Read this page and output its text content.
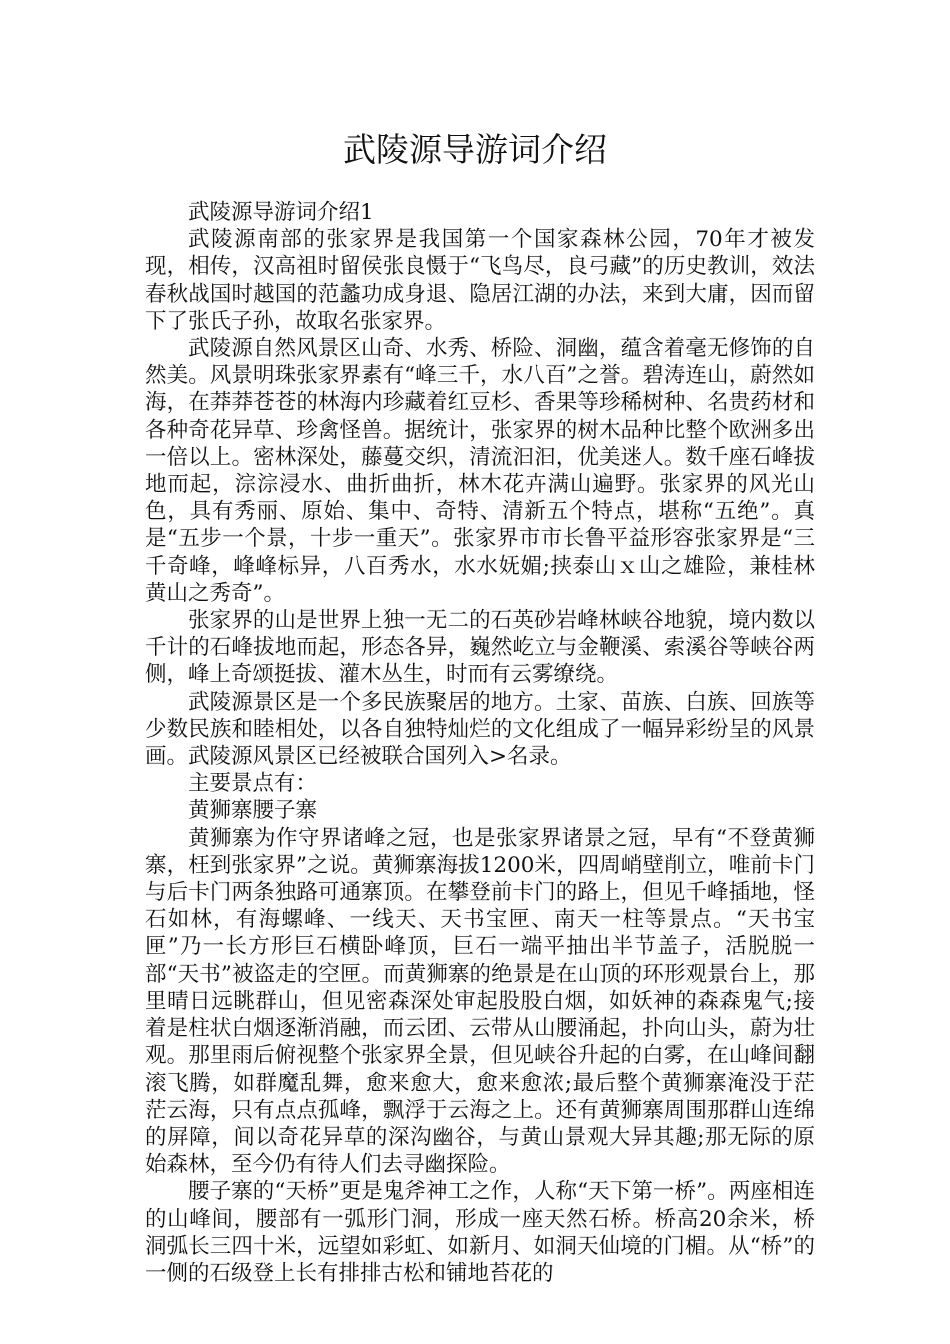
武陵源导游词介绍

武陵源导游词介绍1

武陵源南部的张家界是我国第一个国家森林公园，70年才被发现，相传，汉高祖时留侯张良慑于“飞鸟尽，良弓藏”的历史教训，效法春秋战国时越国的范蠡功成身退、隐居江湖的办法，来到大庸，因而留下了张氏子孙，故取名张家界。

武陵源自然风景区山奇、水秀、桥险、洞幽，蕴含着毫无修饰的自然美。风景明珠张家界素有“峰三千，水八百”之誉。碧涛连山，蔚然如海，在莽莽苍苍的林海内珍藏着红豆杉、香果等珍稀树种、名贵药材和各种奇花异草、珍禽怪兽。据统计，张家界的树木品种比整个欧洲多出一倍以上。密林深处，藤蔓交织，清流汩汩，优美迷人。数千座石峰拔地而起，淙淙浸水、曲折曲折，林木花卉满山遍野。张家界的风光山色，具有秀丽、原始、集中、奇特、清新五个特点，堪称“五绝”。真是“五步一个景，十步一重天”。张家界市市长鲁平益形容张家界是“三千奇峰，峰峰标异，八百秀水，水水妩媚;挟泰山ｘ山之雄险，兼桂林黄山之秀奇”。

张家界的山是世界上独一无二的石英砂岩峰林峡谷地貌，境内数以千计的石峰拔地而起，形态各异，巍然屹立与金鞭溪、索溪谷等峡谷两侧，峰上奇颂挺拔、灌木丛生，时而有云雾缭绕。

武陵源景区是一个多民族聚居的地方。土家、苗族、白族、回族等少数民族和睦相处，以各自独特灿烂的文化组成了一幅异彩纷呈的风景画。武陵源风景区已经被联合国列入>名录。

主要景点有：

黄狮寨腰子寨

黄狮寨为作守界诸峰之冠，也是张家界诸景之冠，早有“不登黄狮寨，枉到张家界”之说。黄狮寨海拔1200米，四周峭壁削立，唯前卡门与后卡门两条独路可通寨顶。在攀登前卡门的路上，但见千峰插地，怪石如林，有海螺峰、一线天、天书宝匣、南天一柱等景点。“天书宝匣”乃一长方形巨石横卧峰顶，巨石一端平抽出半节盖子，活脱脱一部“天书”被盗走的空匣。而黄狮寨的绝景是在山顶的环形观景台上，那里晴日远眺群山，但见密森深处审起股股白烟，如妖神的森森鬼气;接着是柱状白烟逐渐消融，而云团、云带从山腰涌起，扑向山头，蔚为壮观。那里雨后俯视整个张家界全景，但见峡谷升起的白雾，在山峰间翻滚飞腾，如群魔乱舞，愈来愈大，愈来愈浓;最后整个黄狮寨淹没于茫茫云海，只有点点孤峰，飘浮于云海之上。还有黄狮寨周围那群山连绵的屏障，间以奇花异草的深沟幽谷，与黄山景观大异其趣;那无际的原始森林，至今仍有待人们去寻幽探险。

腰子寨的“天桥”更是鬼斧神工之作，人称“天下第一桥”。两座相连的山峰间，腰部有一弧形门洞，形成一座天然石桥。桥高20余米，桥洞弧长三四十米，远望如彩虹、如新月、如洞天仙境的门楣。从“桥”的一侧的石级登上长有排排古松和铺地苔花的
